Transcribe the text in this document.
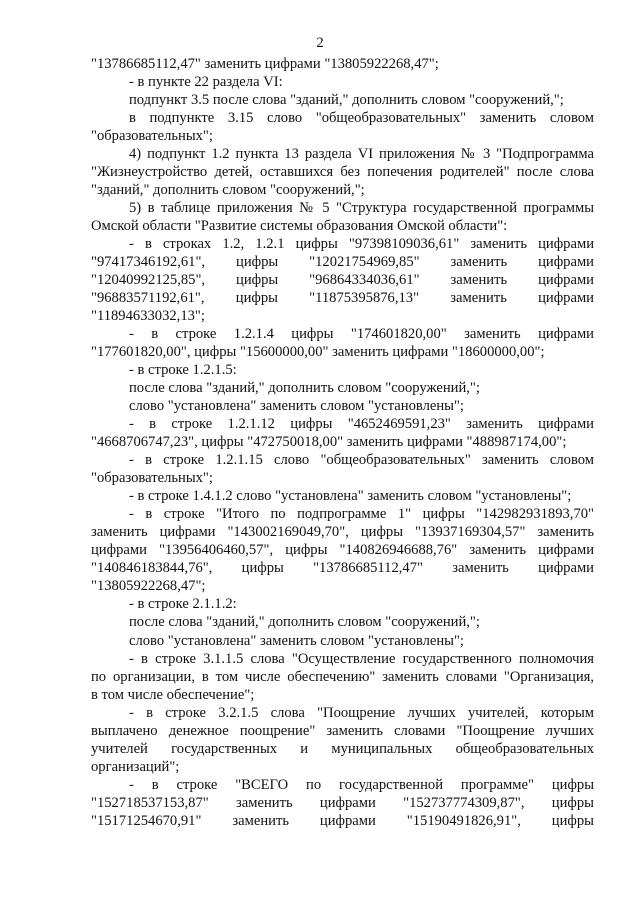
2
"13786685112,47" заменить цифрами "13805922268,47";
- в пункте 22 раздела VI:
подпункт 3.5 после слова "зданий," дополнить словом "сооружений,";
в подпункте 3.15 слово "общеобразовательных" заменить словом
"образовательных";
4) подпункт 1.2 пункта 13 раздела VI приложения № 3 "Подпрограмма
"Жизнеустройство детей, оставшихся без попечения родителей" после слова
"зданий," дополнить словом "сооружений,";
5) в таблице приложения № 5 "Структура государственной программы
Омской области "Развитие системы образования Омской области":
- в строках 1.2, 1.2.1 цифры "97398109036,61" заменить цифрами
"97417346192,61", цифры "12021754969,85" заменить цифрами
"12040992125,85", цифры "96864334036,61" заменить цифрами
"96883571192,61", цифры "11875395876,13" заменить цифрами
"11894633032,13";
- в строке 1.2.1.4 цифры "174601820,00" заменить цифрами
"177601820,00", цифры "15600000,00" заменить цифрами "18600000,00";
- в строке 1.2.1.5:
после слова "зданий," дополнить словом "сооружений,";
слово "установлена" заменить словом "установлены";
- в строке 1.2.1.12 цифры "4652469591,23" заменить цифрами
"4668706747,23", цифры "472750018,00" заменить цифрами "488987174,00";
- в строке 1.2.1.15 слово "общеобразовательных" заменить словом
"образовательных";
- в строке 1.4.1.2 слово "установлена" заменить словом "установлены";
- в строке "Итого по подпрограмме 1" цифры "142982931893,70"
заменить цифрами "143002169049,70", цифры "13937169304,57" заменить
цифрами "13956406460,57", цифры "140826946688,76" заменить цифрами
"140846183844,76", цифры "13786685112,47" заменить цифрами
"13805922268,47";
- в строке 2.1.1.2:
после слова "зданий," дополнить словом "сооружений,";
слово "установлена" заменить словом "установлены";
- в строке 3.1.1.5 слова "Осуществление государственного полномочия
по организации, в том числе обеспечению" заменить словами "Организация,
в том числе обеспечение";
- в строке 3.2.1.5 слова "Поощрение лучших учителей, которым
выплачено денежное поощрение" заменить словами "Поощрение лучших
учителей государственных и муниципальных общеобразовательных
организаций";
- в строке "ВСЕГО по государственной программе" цифры
"152718537153,87" заменить цифрами "152737774309,87", цифры
"15171254670,91" заменить цифрами "15190491826,91", цифры
